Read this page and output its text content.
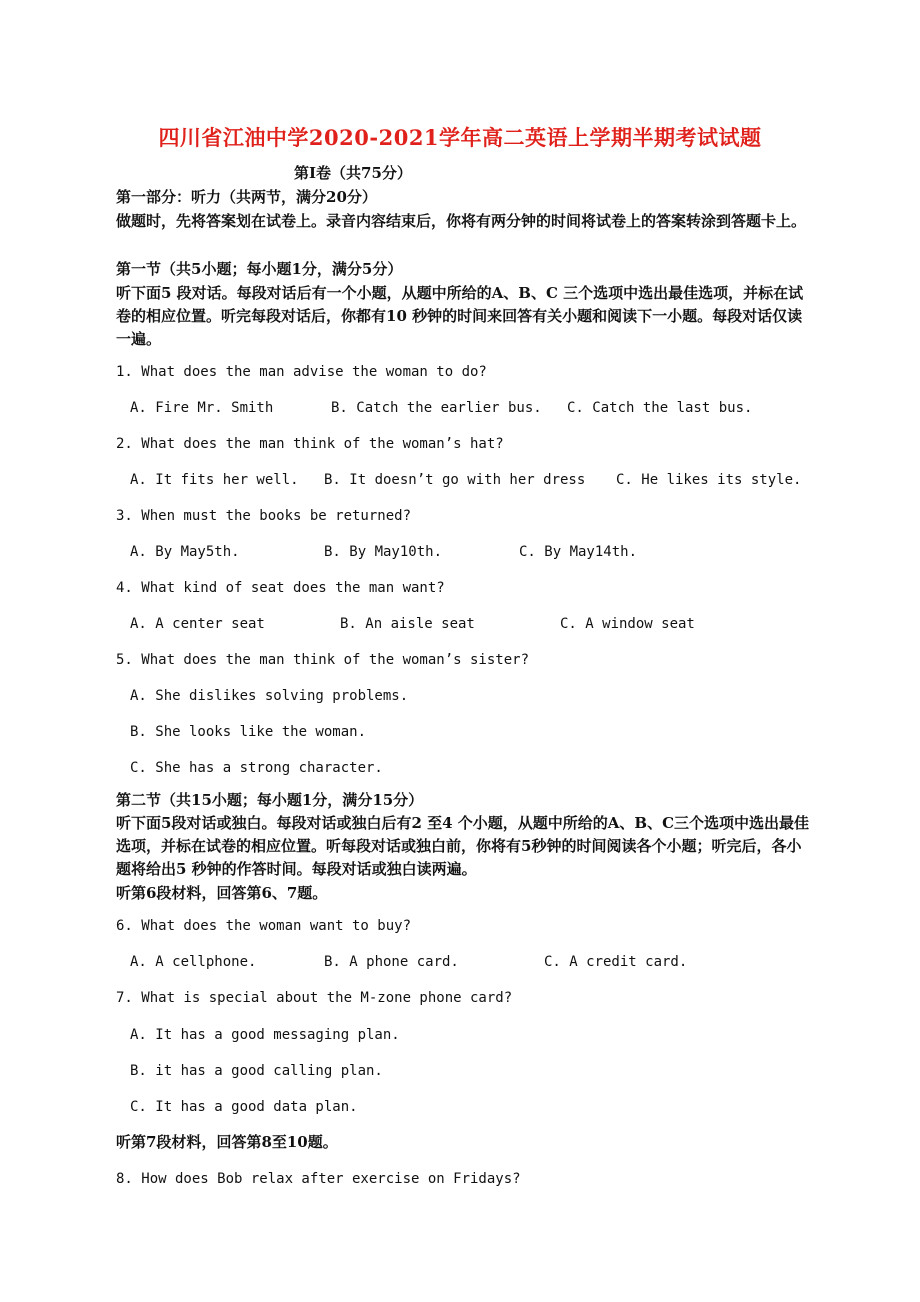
四川省江油中学2020-2021学年高二英语上学期半期考试试题
第Ⅰ卷（共75分）
第一部分：听力（共两节，满分20分）
做题时，先将答案划在试卷上。录音内容结束后，你将有两分钟的时间将试卷上的答案转涂到答题卡上。
第一节（共5小题；每小题1分，满分5分）
听下面5 段对话。每段对话后有一个小题，从题中所给的A、B、C 三个选项中选出最佳选项，并标在试卷的相应位置。听完每段对话后，你都有10 秒钟的时间来回答有关小题和阅读下一小题。每段对话仅读一遍。
1. What does the man advise the woman to do?
A. Fire Mr. Smith	B. Catch the earlier bus. C. Catch the last bus.
2. What does the man think of the woman’s hat?
A. It fits her well. B. It doesn’t go with her dress C. He likes its style.
3. When must the books be returned?
A. By May5th.	B. By May10th.	C. By May14th.
4. What kind of seat does the man want?
A. A center seat	B. An aisle seat	C. A window seat
5. What does the man think of the woman’s sister?
A. She dislikes solving problems.
B. She looks like the woman.
C. She has a strong character.
第二节（共15小题；每小题1分，满分15分）
听下面5段对话或独白。每段对话或独白后有2 至4 个小题，从题中所给的A、B、C三个选项中选出最佳选项，并标在试卷的相应位置。听每段对话或独白前，你将有5秒钟的时间阅读各个小题；听完后，各小题将给出5 秒钟的作答时间。每段对话或独白读两遍。
听第6段材料，回答第6、7题。
6. What does the woman want to buy?
A. A cellphone.	B. A phone card.	C. A credit card.
7. What is special about the M-zone phone card?
A. It has a good messaging plan.
B. it has a good calling plan.
C. It has a good data plan.
听第7段材料，回答第8至10题。
8. How does Bob relax after exercise on Fridays?
